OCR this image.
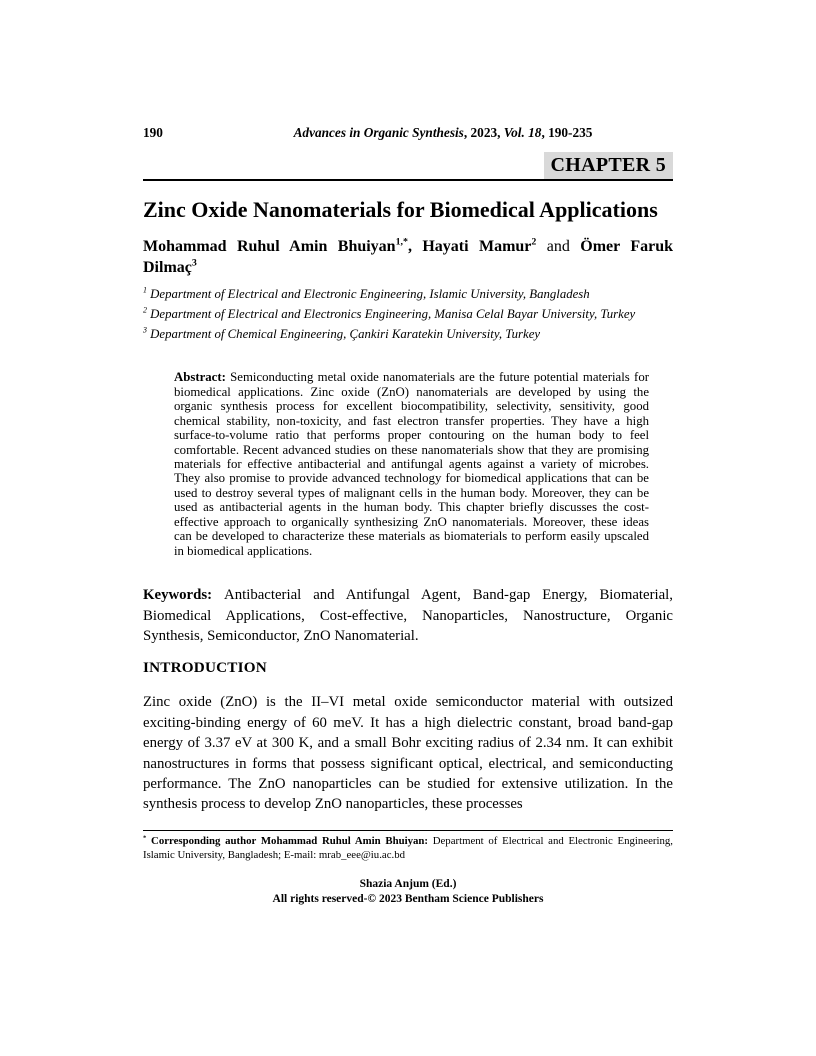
190	Advances in Organic Synthesis, 2023, Vol. 18, 190-235
CHAPTER 5
Zinc Oxide Nanomaterials for Biomedical Applications
Mohammad Ruhul Amin Bhuiyan$^{1,*}$, Hayati Mamur$^2$ and Ömer Faruk Dilmaç$^3$
$^1$ Department of Electrical and Electronic Engineering, Islamic University, Bangladesh
$^2$ Department of Electrical and Electronics Engineering, Manisa Celal Bayar University, Turkey
$^3$ Department of Chemical Engineering, Çankiri Karatekin University, Turkey
Abstract: Semiconducting metal oxide nanomaterials are the future potential materials for biomedical applications. Zinc oxide (ZnO) nanomaterials are developed by using the organic synthesis process for excellent biocompatibility, selectivity, sensitivity, good chemical stability, non-toxicity, and fast electron transfer properties. They have a high surface-to-volume ratio that performs proper contouring on the human body to feel comfortable. Recent advanced studies on these nanomaterials show that they are promising materials for effective antibacterial and antifungal agents against a variety of microbes. They also promise to provide advanced technology for biomedical applications that can be used to destroy several types of malignant cells in the human body. Moreover, they can be used as antibacterial agents in the human body. This chapter briefly discusses the cost-effective approach to organically synthesizing ZnO nanomaterials. Moreover, these ideas can be developed to characterize these materials as biomaterials to perform easily upscaled in biomedical applications.
Keywords: Antibacterial and Antifungal Agent, Band-gap Energy, Biomaterial, Biomedical Applications, Cost-effective, Nanoparticles, Nanostructure, Organic Synthesis, Semiconductor, ZnO Nanomaterial.
INTRODUCTION
Zinc oxide (ZnO) is the II–VI metal oxide semiconductor material with outsized exciting-binding energy of 60 meV. It has a high dielectric constant, broad band-gap energy of 3.37 eV at 300 K, and a small Bohr exciting radius of 2.34 nm. It can exhibit nanostructures in forms that possess significant optical, electrical, and semiconducting performance. The ZnO nanoparticles can be studied for extensive utilization. In the synthesis process to develop ZnO nanoparticles, these processes
* Corresponding author Mohammad Ruhul Amin Bhuiyan: Department of Electrical and Electronic Engineering, Islamic University, Bangladesh; E-mail: mrab_eee@iu.ac.bd
Shazia Anjum (Ed.)
All rights reserved-© 2023 Bentham Science Publishers
